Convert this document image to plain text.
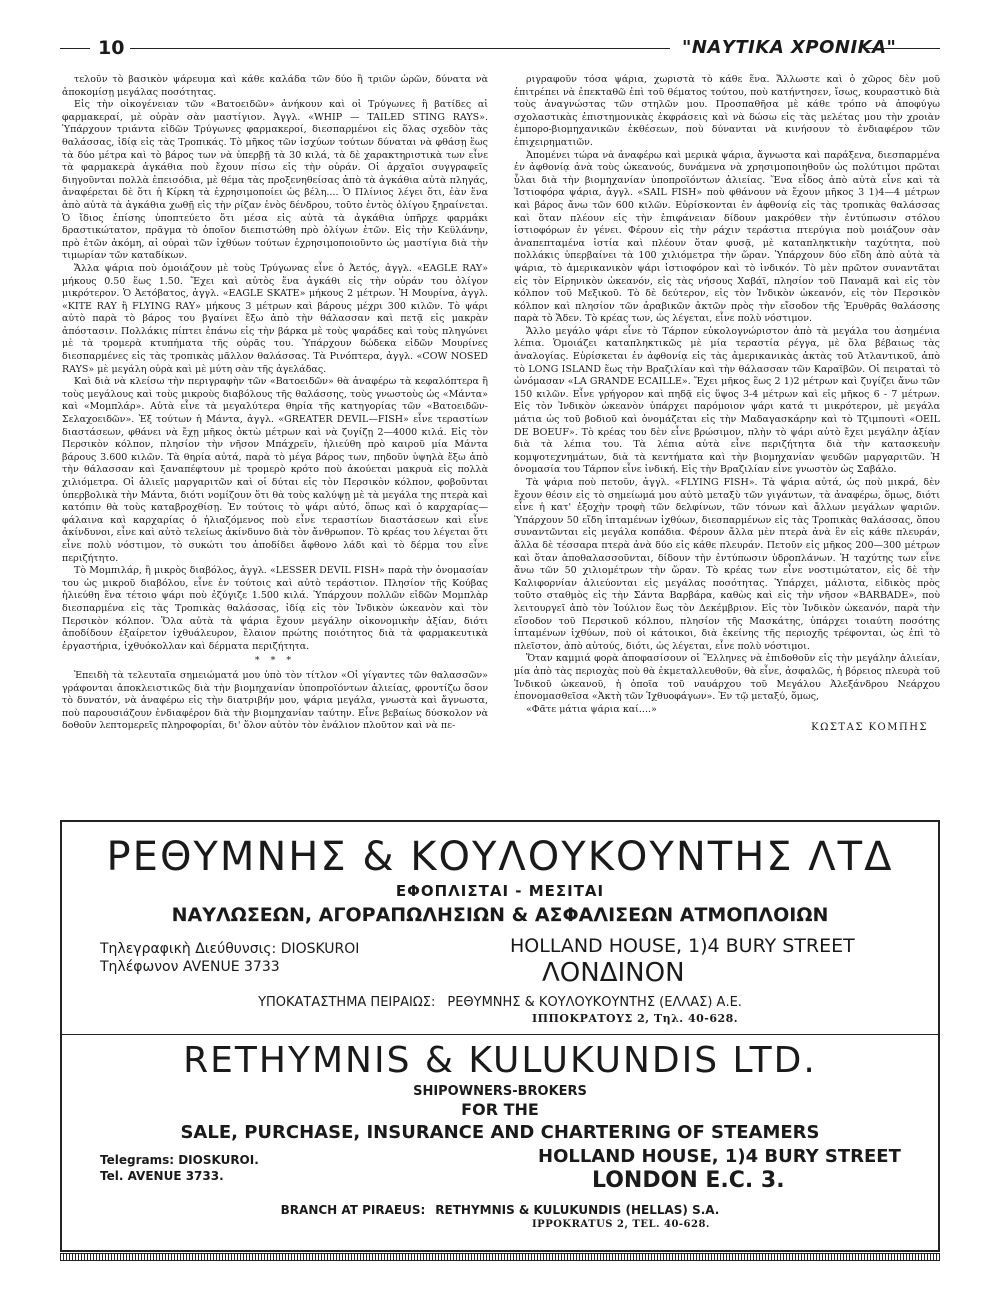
10	"ΝΑΥΤΙΚΑ ΧΡΟΝΙΚΑ"

τελοῦν τὸ βασικὸν ψάρευμα καὶ κάθε καλάδα τῶν δύο ἢ τριῶν ὡρῶν, δύνατα νὰ ἀποκομίσῃ μεγάλας ποσότητας.

Εἰς τὴν οἰκογένειαν τῶν «Βατοειδῶν» ἀνήκουν καὶ οἱ Τρύγωνες ἢ βατίδες αἱ φαρμακεραί, μὲ οὐρὰν σὰν μαστίγιον. Ἀγγλ. «WHIP — TAILED STING RAYS». Ὑπάρχουν τριάντα εἰδῶν Τρύγωνες φαρμακεροί, διεσπαρμένοι εἰς ὅλας σχεδὸν τὰς θαλάσσας, ἰδίᾳ εἰς τὰς Τροπικάς. Τὸ μῆκος τῶν ἰσχύων τούτων δύναται νὰ φθάσῃ ἕως τὰ δύο μέτρα καὶ τὸ βάρος των νὰ ὑπερβῇ τὰ 30 κιλά, τὰ δὲ χαρακτηριστικὰ των εἶνε τὰ φαρμακερὰ ἀγκάθια ποὺ ἔχουν πίσω εἰς τὴν οὐράν. Οἱ ἀρχαῖοι συγγραφεῖς διηγοῦνται πολλὰ ἐπεισόδια, μὲ θέμα τὰς προξενηθείσας ἀπὸ τὰ ἀγκάθια αὐτὰ πληγάς, ἀναφέρεται δὲ ὅτι ἡ Κίρκη τὰ ἐχρησιμοποίει ὡς βέλη.... Ὁ Πλίνιος λέγει ὅτι, ἐὰν ἕνα ἀπὸ αὐτὰ τὰ ἀγκάθια χωθῇ εἰς τὴν ρίζαν ἑνὸς δένδρου, τοῦτο ἐντὸς ὀλίγου ξηραίνεται. Ὁ ἴδιος ἐπίσης ὑποπτεύετο ὅτι μέσα εἰς αὐτὰ τὰ ἀγκάθια ὑπῆρχε φαρμάκι δραστικώτατον, πρᾶγμα τὸ ὁποῖον διεπιστώθη πρὸ ὀλίγων ἐτῶν. Εἰς τὴν Κεϋλάνην, πρὸ ἐτῶν ἀκόμη, αἱ οὐραὶ τῶν ἰχθύων τούτων ἐχρησιμοποιοῦντο ὡς μαστίγια διὰ τὴν τιμωρίαν τῶν καταδίκων.

Ἄλλα ψάρια ποὺ ὁμοιάζουν μὲ τοὺς Τρύγωνας εἶνε ὁ Ἀετός, ἀγγλ. «EAGLE RAY» μήκους 0.50 ἕως 1.50. Ἔχει καὶ αὐτὸς ἕνα ἀγκάθι εἰς τὴν οὐράν του ὀλίγον μικρότερον. Ὁ Ἀετόβατος, ἀγγλ. «EAGLE SKATE» μήκους 2 μέτρων. Ἡ Μουρίνα, ἀγγλ. «KITE RAY ἢ FLYING RAY» μήκους 3 μέτρων καὶ βάρους μέχρι 300 κιλῶν. Τὸ ψάρι αὐτὸ παρὰ τὸ βάρος του βγαίνει ἔξω ἀπὸ τὴν θάλασσαν καὶ πετᾷ εἰς μακρὰν ἀπόστασιν. Πολλάκις πίπτει ἐπάνω εἰς τὴν βάρκα μὲ τοὺς ψαράδες καὶ τοὺς πληγώνει μὲ τὰ τρομερὰ κτυπήματα τῆς οὐρᾶς του. Ὑπάρχουν δώδεκα εἰδῶν Μουρίνες διεσπαρμένες εἰς τὰς τροπικὰς μᾶλλον θαλάσσας. Τὰ Ρινόπτερα, ἀγγλ. «COW NOSED RAYS» μὲ μεγάλη οὐρὰ καὶ μὲ μύτη σὰν τῆς ἀγελάδας.

Καὶ διὰ νὰ κλείσω τὴν περιγραφὴν τῶν «Βατοειδῶν» θὰ ἀναφέρω τὰ κεφαλόπτερα ἢ τοὺς μεγάλους καὶ τοὺς μικροὺς διαβόλους τῆς θαλάσσης, τοὺς γνωστοὺς ὡς «Μάντα» καὶ «Μομπλάρ». Αὐτὰ εἶνε τὰ μεγαλύτερα θηρία τῆς κατηγορίας τῶν «Βατοειδῶν-Σελαχοειδῶν». Ἐξ τούτων ἡ Μάντα, ἀγγλ. «GREATER DEVIL—FISH» εἶνε τεραστίων διαστάσεων, φθάνει νὰ ἔχῃ μῆκος ὀκτὼ μέτρων καὶ νὰ ζυγίζῃ 2—4000 κιλά. Εἰς τὸν Περσικὸν κόλπον, πλησίον τὴν νῆσον Μπάχρεϊν, ἡλιεύθη πρὸ καιροῦ μία Μάντα βάρους 3.600 κιλῶν. Τὰ θηρία αὐτά, παρὰ τὸ μέγα βάρος των, πηδοῦν ὑψηλὰ ἔξω ἀπὸ τὴν θάλασσαν καὶ ξαναπέφτουν μὲ τρομερὸ κρότο ποὺ ἀκούεται μακρυὰ εἰς πολλὰ χιλιόμετρα. Οἱ ἁλιεῖς μαργαριτῶν καὶ οἱ δύται εἰς τὸν Περσικὸν κόλπον, φοβοῦνται ὑπερβολικὰ τὴν Μάντα, διότι νομίζουν ὅτι θὰ τοὺς καλύψῃ μὲ τὰ μεγάλα της πτερὰ καὶ κατόπιν θὰ τοὺς καταβροχθίσῃ. Ἐν τούτοις τὸ ψάρι αὐτό, ὅπως καὶ ὁ καρχαρίας—φάλαινα καὶ καρχαρίας ὁ ἠλιαζόμενος ποὺ εἶνε τεραστίων διαστάσεων καὶ εἶνε ἀκίνδυνοι, εἶνε καὶ αὐτὸ τελείως ἀκίνδυνο διὰ τὸν ἄνθρωπον. Τὸ κρέας του λέγεται ὅτι εἶνε πολὺ νόστιμον, τὸ συκώτι του ἀποδίδει ἄφθονο λάδι καὶ τὸ δέρμα του εἶνε περιζήτητο.

Τὸ Μομπιλάρ, ἢ μικρὸς διαβόλος, ἀγγλ. «LESSER DEVIL FISH» παρὰ τὴν ὀνομασίαν του ὡς μικροῦ διαβόλου, εἶνε ἐν τούτοις καὶ αὐτὸ τεράστιον. Πλησίον τῆς Κούβας ἡλιεύθη ἕνα τέτοιο ψάρι ποὺ ἐζύγιζε 1.500 κιλά. Ὑπάρχουν πολλῶν εἰδῶν Μομπλὰρ διεσπαρμένα εἰς τὰς Τροπικὰς θαλάσσας, ἰδίᾳ εἰς τὸν Ἰνδικὸν ὠκεανὸν καὶ τὸν Περσικὸν κόλπον. Ὅλα αὐτὰ τὰ ψάρια ἔχουν μεγάλην οἰκονομικὴν ἀξίαν, διότι ἀποδίδουν ἐξαίρετον ἰχθυάλευρον, ἔλαιον πρώτης ποιότητος διὰ τὰ φαρμακευτικὰ ἐργαστήρια, ἰχθυόκολλαν καὶ δέρματα περιζήτητα.

* * *

Ἐπειδὴ τὰ τελευταῖα σημειώματά μου ὑπὸ τὸν τίτλον «Οἱ γίγαντες τῶν θαλασσῶν» γράφονται ἀποκλειστικῶς διὰ τὴν βιομηχανίαν ὑποπροϊόντων ἁλιείας, φροντίζω ὅσον τὸ δυνατόν, νὰ ἀναφέρω εἰς τὴν διατριβήν μου, ψάρια μεγάλα, γνωστὰ καὶ ἄγνωστα, ποὺ παρουσιάζουν ἐνδιαφέρον διὰ τὴν βιομηχανίαν ταύτην. Εἶνε βεβαίως δύσκολον νὰ δοθοῦν λεπτομερεῖς πληροφορίαι, δι' ὅλον αὐτὸν τὸν ἐνάλιον πλοῦτον καὶ νὰ πε-

ριγραφοῦν τόσα ψάρια, χωριστὰ τὸ κάθε ἕνα. Ἄλλωστε καὶ ὁ χῶρος δὲν μοῦ ἐπιτρέπει νὰ ἐπεκταθῶ ἐπὶ τοῦ θέματος τούτου, ποὺ κατήντησεν, ἴσως, κουραστικὸ διὰ τοὺς ἀναγνώστας τῶν στηλῶν μου. Προσπαθῆσα μὲ κάθε τρόπο νὰ ἀποφύγω σχολαστικὰς ἐπιστημονικὰς ἐκφράσεις καὶ νὰ δώσω εἰς τὰς μελέτας μου τὴν χροιὰν ἐμπορο-βιομηχανικῶν ἐκθέσεων, ποὺ δύνανται νὰ κινήσουν τὸ ἐνδιαφέρον τῶν ἐπιχειρηματιῶν.

Ἀπομένει τώρα νὰ ἀναφέρω καὶ μερικὰ ψάρια, ἄγνωστα καὶ παράξενα, διεσπαρμένα ἐν ἀφθονίᾳ ἀνὰ τοὺς ὠκεανούς, δυνάμενα νὰ χρησιμοποιηθοῦν ὡς πολύτιμοι πρῶται ὗλαι διὰ τὴν βιομηχανίαν ὑποπροϊόντων ἁλιείας. Ἕνα εἶδος ἀπὸ αὐτὰ εἶνε καὶ τὰ Ἰστιοφόρα ψάρια, ἀγγλ. «SAIL FISH» ποὺ φθάνουν νὰ ἔχουν μῆκος 3 1)4—4 μέτρων καὶ βάρος ἄνω τῶν 600 κιλῶν. Εὑρίσκονται ἐν ἀφθονίᾳ εἰς τὰς τροπικὰς θαλάσσας καὶ ὅταν πλέουν εἰς τὴν ἐπιφάνειαν δίδουν μακρόθεν τὴν ἐντύπωσιν στόλου ἱστιοφόρων ἐν γένει. Φέρουν εἰς τὴν ράχιν τεράστια πτερύγια ποὺ μοιάζουν σὰν ἀναπεπταμένα ἱστία καὶ πλέουν ὅταν φυσᾷ, μὲ καταπληκτικὴν ταχύτητα, ποὺ πολλάκις ὑπερβαίνει τὰ 100 χιλιόμετρα τὴν ὥραν. Ὑπάρχουν δύο εἴδη ἀπὸ αὐτὰ τὰ ψάρια, τὸ ἀμερικανικὸν ψάρι ἱστιοφόρον καὶ τὸ ἰνδικόν. Τὸ μὲν πρῶτον συναντᾶται εἰς τὸν Εἰρηνικὸν ὠκεανόν, εἰς τὰς νήσους Χαβάϊ, πλησίον τοῦ Παναμᾶ καὶ εἰς τὸν κόλπον τοῦ Μεξικοῦ. Τὸ δὲ δεύτερον, εἰς τὸν Ἰνδικὸν ὠκεανόν, εἰς τὸν Περσικὸν κόλπον καὶ πλησίον τῶν ἀραβικῶν ἀκτῶν πρὸς τὴν εἴσοδον τῆς Ἐρυθρᾶς θαλάσσης παρὰ τὸ Ἄδεν. Τὸ κρέας των, ὡς λέγεται, εἶνε πολὺ νόστιμον.

Ἄλλο μεγάλο ψάρι εἶνε τὸ Τάρπον εὐκολογνώριστον ἀπὸ τὰ μεγάλα του ἀσημένια λέπια. Ὁμοιάζει καταπληκτικῶς μὲ μία τεραστία ρέγγα, μὲ ὅλα βέβαιως τὰς ἀναλογίας. Εὑρίσκεται ἐν ἀφθονίᾳ εἰς τὰς ἀμερικανικὰς ἀκτὰς τοῦ Ἀτλαντικοῦ, ἀπὸ τὸ LONG ISLAND ἕως τὴν Βραζιλίαν καὶ τὴν θάλασσαν τῶν Καραϊβῶν. Οἱ πειραταὶ τὸ ὠνόμασαν «LA GRANDE ECAILLE». Ἔχει μῆκος ἕως 2 1)2 μέτρων καὶ ζυγίζει ἄνω τῶν 150 κιλῶν. Εἶνε γρήγορον καὶ πηδᾷ εἰς ὕψος 3-4 μέτρων καὶ εἰς μῆκος 6 - 7 μέτρων. Εἰς τὸν Ἰνδικὸν ὠκεανὸν ὑπάρχει παρόμοιον ψάρι κατά τι μικρότερον, μὲ μεγάλα μάτια ὡς τοῦ βοδιοῦ καὶ ὀνομάζεται εἰς τὴν Μαδαγασκάρην καὶ τὸ Τζιμπουτὶ «OEIL DE BOEUF». Τὸ κρέας του δὲν εἶνε βρώσιμον, πλὴν τὸ ψάρι αὐτὸ ἔχει μεγάλην ἀξίαν διὰ τὰ λέπια του. Τὰ λέπια αὐτὰ εἶνε περιζήτητα διὰ τὴν κατασκευὴν κομψοτεχνημάτων, διὰ τὰ κεντήματα καὶ τὴν βιομηχανίαν ψευδῶν μαργαριτῶν. Ἡ ὀνομασία του Τάρπον εἶνε ἰνδική. Εἰς τὴν Βραζιλίαν εἶνε γνωστὸν ὡς Σαβάλο.

Τὰ ψάρια ποὺ πετοῦν, ἀγγλ. «FLYING FISH». Τὰ ψάρια αὐτά, ὡς ποὺ μικρά, δὲν ἔχουν θέσιν εἰς τὸ σημείωμά μου αὐτὸ μεταξὺ τῶν γιγάντων, τὰ ἀναφέρω, ὅμως, διότι εἶνε ἡ κατ' ἐξοχὴν τροφὴ τῶν δελφίνων, τῶν τόνων καὶ ἄλλων μεγάλων ψαριῶν. Ὑπάρχουν 50 εἴδη ἱπταμένων ἰχθύων, διεσπαρμένων εἰς τὰς Τροπικὰς θαλάσσας, ὅπου συναντῶνται εἰς μεγάλα κοπάδια. Φέρουν ἄλλα μὲν πτερὰ ἀνὰ ἓν εἰς κάθε πλευράν, ἄλλα δὲ τέσσαρα πτερὰ ἀνὰ δύο εἰς κάθε πλευράν. Πετοῦν εἰς μῆκος 200—300 μέτρων καὶ ὅταν ἀποθαλασσοῦνται, δίδουν τὴν ἐντύπωσιν ὑδροπλάνων. Ἡ ταχύτης των εἶνε ἄνω τῶν 50 χιλιομέτρων τὴν ὥραν. Τὸ κρέας των εἶνε νοστιμώτατον, εἰς δὲ τὴν Καλιφορνίαν ἁλιεύονται εἰς μεγάλας ποσότητας. Ὑπάρχει, μάλιστα, εἰδικὸς πρὸς τοῦτο σταθμὸς εἰς τὴν Σάντα Βαρβάρα, καθὼς καὶ εἰς τὴν νῆσον «BARBADE», ποὺ λειτουργεῖ ἀπὸ τὸν Ἰούλιον ἕως τὸν Δεκέμβριον. Εἰς τὸν Ἰνδικὸν ὠκεανόν, παρὰ τὴν εἴσοδον τοῦ Περσικοῦ κόλπου, πλησίον τῆς Μασκάτης, ὑπάρχει τοιαύτη ποσότης ἱπταμένων ἰχθύων, ποὺ οἱ κάτοικοι, διὰ ἐκείνης τῆς περιοχῆς τρέφονται, ὡς ἐπὶ τὸ πλεῖστον, ἀπὸ αὐτούς, διότι, ὡς λέγεται, εἶνε πολὺ νόστιμοι.

Ὅταν καμμιά φορὰ ἀποφασίσουν οἱ Ἕλληνες νὰ ἐπιδοθοῦν εἰς τὴν μεγάλην ἁλιείαν, μία ἀπὸ τὰς περιοχὰς ποὺ θὰ ἐκμεταλλευθοῦν, θὰ εἶνε, ἀσφαλῶς, ἡ βόρειος πλευρὰ τοῦ Ἰνδικοῦ ὠκεανοῦ, ἡ ὁποῖα τοῦ ναυάρχου τοῦ Μεγάλου Ἀλεξάνδρου Νεάρχου ἐπονομασθεῖσα «Ἀκτὴ τῶν Ἰχθυοφάγων». Ἐν τῷ μεταξύ, ὅμως,

«Φᾶτε μάτια ψάρια καί....»

ΚΩΣΤΑΣ ΚΟΜΠΗΣ

ΡΕΘΥΜΝΗΣ & ΚΟΥΛΟΥΚΟΥΝΤΗΣ ΛΤΔ
ΕΦΟΠΛΙΣΤΑΙ - ΜΕΣΙΤΑΙ
ΝΑΥΛΩΣΕΩΝ, ΑΓΟΡΑΠΩΛΗΣΙΩΝ & ΑΣΦΑΛΙΣΕΩΝ ΑΤΜΟΠΛΟΙΩΝ
Τηλεγραφικὴ Διεύθυνσις: DIOSKUROI
Τηλέφωνον AVENUE 3733
HOLLAND HOUSE, 1)4 BURY STREET
ΛΟΝΔΙΝΟΝ
ΥΠΟΚΑΤΑΣΤΗΜΑ ΠΕΙΡΑΙΩΣ: ΡΕΘΥΜΝΗΣ & ΚΟΥΛΟΥΚΟΥΝΤΗΣ (ΕΛΛΑΣ) Α.Ε.
ΙΠΠΟΚΡΑΤΟΥΣ 2, Τηλ. 40-628.
RETHYMNIS & KULUKUNDIS LTD.
SHIPOWNERS-BROKERS
FOR THE
SALE, PURCHASE, INSURANCE AND CHARTERING OF STEAMERS
Telegrams: DIOSKUROI.
Tel. AVENUE 3733.
HOLLAND HOUSE, 1)4 BURY STREET
LONDON E.C. 3.
BRANCH AT PIRAEUS: RETHYMNIS & KULUKUNDIS (HELLAS) S.A.
IPPOKRATUS 2, TEL. 40-628.
